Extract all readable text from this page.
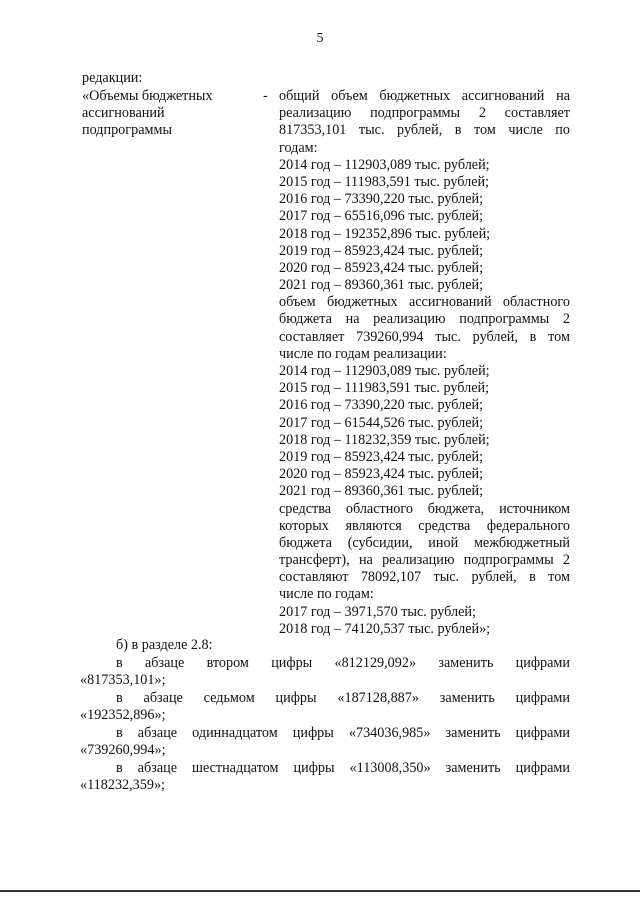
5
редакции:
«Объемы бюджетных
ассигнований
подпрограммы
- общий объем бюджетных ассигнований на
реализацию подпрограммы 2 составляет
817353,101 тыс. рублей, в том числе по
годам:
2014 год – 112903,089 тыс. рублей;
2015 год – 111983,591 тыс. рублей;
2016 год – 73390,220 тыс. рублей;
2017 год – 65516,096 тыс. рублей;
2018 год – 192352,896 тыс. рублей;
2019 год – 85923,424 тыс. рублей;
2020 год – 85923,424 тыс. рублей;
2021 год – 89360,361 тыс. рублей;
объем бюджетных ассигнований областного
бюджета на реализацию подпрограммы 2
составляет 739260,994 тыс. рублей, в том
числе по годам реализации:
2014 год – 112903,089 тыс. рублей;
2015 год – 111983,591 тыс. рублей;
2016 год – 73390,220 тыс. рублей;
2017 год – 61544,526 тыс. рублей;
2018 год – 118232,359 тыс. рублей;
2019 год – 85923,424 тыс. рублей;
2020 год – 85923,424 тыс. рублей;
2021 год – 89360,361 тыс. рублей;
средства областного бюджета, источником
которых являются средства федерального
бюджета (субсидии, иной межбюджетный
трансферт), на реализацию подпрограммы 2
составляют 78092,107 тыс. рублей, в том
числе по годам:
2017 год – 3971,570 тыс. рублей;
2018 год – 74120,537 тыс. рублей»;
б) в разделе 2.8:
в абзаце втором цифры «812129,092» заменить цифрами
«817353,101»;
в абзаце седьмом цифры «187128,887» заменить цифрами
«192352,896»;
в абзаце одиннадцатом цифры «734036,985» заменить цифрами
«739260,994»;
в абзаце шестнадцатом цифры «113008,350» заменить цифрами
«118232,359»;
